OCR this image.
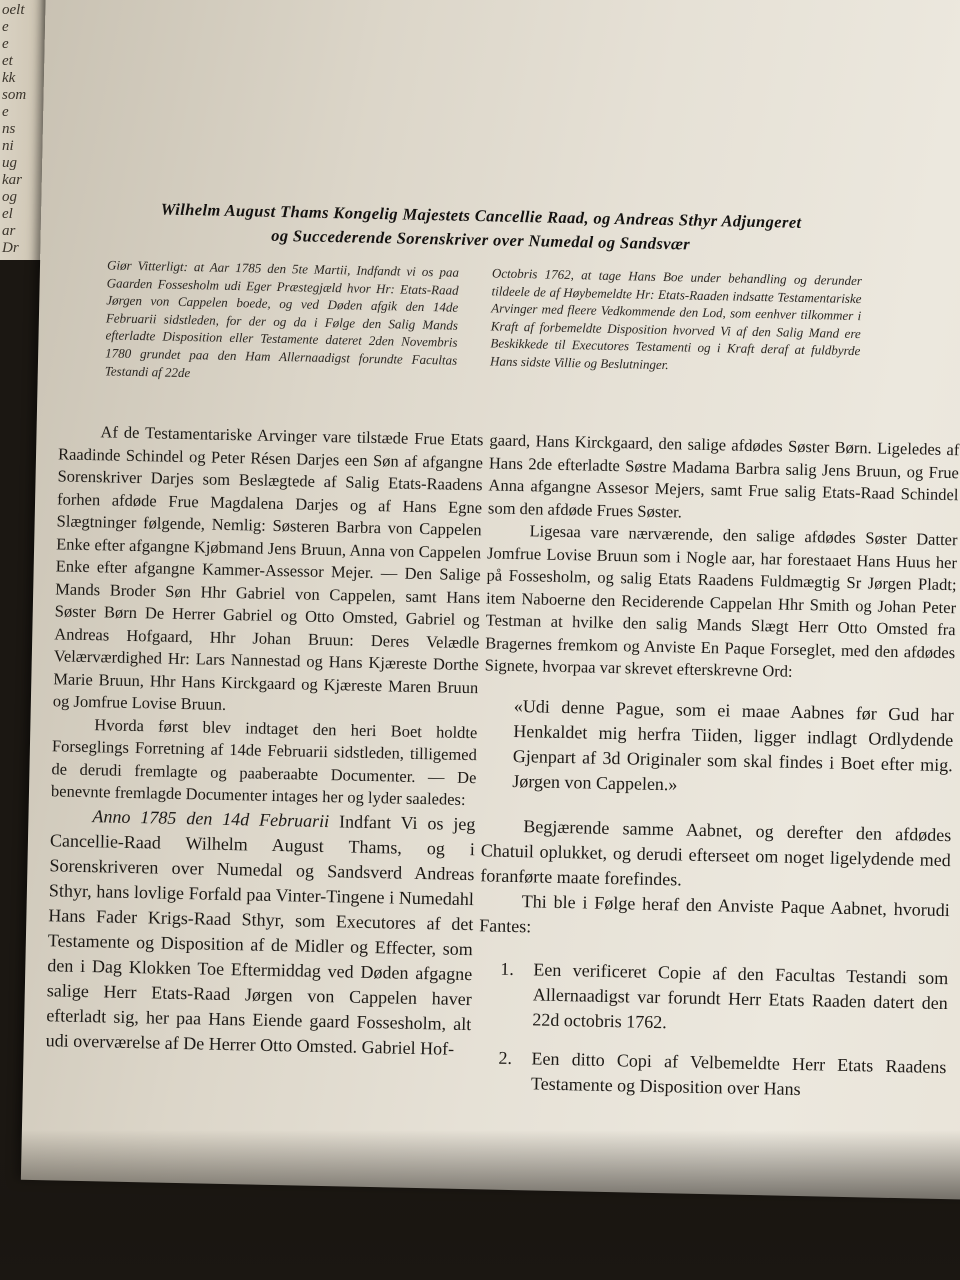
oelt
e
e
et
kk
som
e
ns
ni
ug
kar
og
el
ar
Dr
Wilhelm August Thams Kongelig Majestets Cancellie Raad, og Andreas Sthyr Adjungeret
og Succederende Sorenskriver over Numedal og Sandsvær
Giør Vitterligt: at Aar 1785 den 5te Martii, Indfandt vi os paa Gaarden Fossesholm udi Eger Præstegjæld hvor Hr: Etats-Raad Jørgen von Cappelen boede, og ved Døden afgik den 14de Februarii sidstleden, for der og da i Følge den Salig Mands efterladte Disposition eller Testamente dateret 2den Novembris 1780 grundet paa den Ham Allernaadigst forundte Facultas Testandi af 22de
Octobris 1762, at tage Hans Boe under behandling og derunder tildeele de af Høybemeldte Hr: Etats-Raaden indsatte Testamentariske Arvinger med fleere Vedkommende den Lod, som eenhver tilkommer i Kraft af forbemeldte Disposition hvorved Vi af den Salig Mand ere Beskikkede til Executores Testamenti og i Kraft deraf at fuldbyrde Hans sidste Villie og Beslutninger.

Af de Testamentariske Arvinger vare tilstæde Frue Etats Raadinde Schindel og Peter Résen Darjes een Søn af afgangne Sorenskriver Darjes som Beslægtede af Salig Etats-Raadens forhen afdøde Frue Magdalena Darjes og af Hans Egne Slægtninger følgende, Nemlig: Søsteren Barbra von Cappelen Enke efter afgangne Kjøbmand Jens Bruun, Anna von Cappelen Enke efter afgangne Kammer-Assessor Mejer. — Den Salige Mands Broder Søn Hhr Gabriel von Cappelen, samt Hans Søster Børn De Herrer Gabriel og Otto Omsted, Gabriel og Andreas Hofgaard, Hhr Johan Bruun: Deres Velædle Velærværdighed Hr: Lars Nannestad og Hans Kjæreste Dorthe Marie Bruun, Hhr Hans Kirckgaard og Kjæreste Maren Bruun og Jomfrue Lovise Bruun.

Hvorda først blev indtaget den heri Boet holdte Forseglings Forretning af 14de Februarii sidstleden, tilligemed de derudi fremlagte og paaberaabte Documenter. — De benevnte fremlagde Documenter intages her og lyder saaledes:

Anno 1785 den 14d Februarii Indfant Vi os jeg Cancellie-Raad Wilhelm August Thams, og i Sorenskriveren over Numedal og Sandsverd Andreas Sthyr, hans lovlige Forfald paa Vinter-Tingene i Numedahl Hans Fader Krigs-Raad Sthyr, som Executores af det Testamente og Disposition af de Midler og Effecter, som den i Dag Klokken Toe Eftermiddag ved Døden afgagne salige Herr Etats-Raad Jørgen von Cappelen haver efterladt sig, her paa Hans Eiende gaard Fossesholm, alt udi overværelse af De Herrer Otto Omsted. Gabriel Hof-

gaard, Hans Kirckgaard, den salige afdødes Søster Børn. Ligeledes af Hans 2de efterladte Søstre Madama Barbra salig Jens Bruun, og Frue Anna afgangne Assesor Mejers, samt Frue salig Etats-Raad Schindel som den afdøde Frues Søster.

Ligesaa vare nærværende, den salige afdødes Søster Datter Jomfrue Lovise Bruun som i Nogle aar, har forestaaet Hans Huus her på Fossesholm, og salig Etats Raadens Fuldmægtig Sr Jørgen Pladt; item Naboerne den Reciderende Cappelan Hhr Smith og Johan Peter Testman at hvilke den salig Mands Slægt Herr Otto Omsted fra Bragernes fremkom og Anviste En Paque Forseglet, med den afdødes Signete, hvorpaa var skrevet efterskrevne Ord:

«Udi denne Pague, som ei maae Aabnes før Gud har Henkaldet mig herfra Tiiden, ligger indlagt Ordlydende Gjenpart af 3d Originaler som skal findes i Boet efter mig. Jørgen von Cappelen.»

Begjærende samme Aabnet, og derefter den afdødes Chatuil oplukket, og derudi efterseet om noget ligelydende med foranførte maate forefindes.

Thi ble i Følge heraf den Anviste Paque Aabnet, hvorudi Fantes:

1. Een verificeret Copie af den Facultas Testandi som Allernaadigst var forundt Herr Etats Raaden datert den 22d octobris 1762.
2. Een ditto Copi af Velbemeldte Herr Etats Raadens Testamente og Disposition over Hans
